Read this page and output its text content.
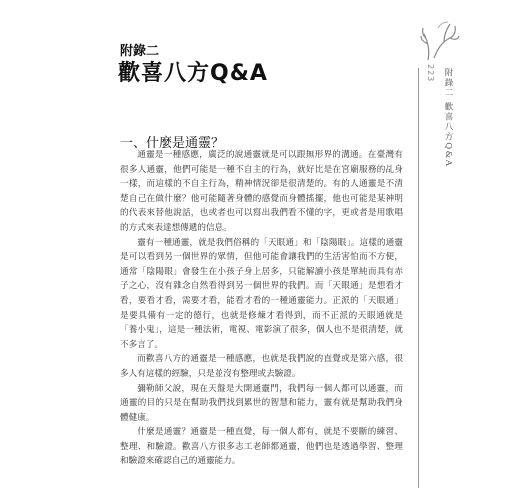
附錄二
歡喜八方Q&A	223 附錄二 歡喜八方Q&A
一、什麼是通靈？

通靈是一種感應，廣泛的說通靈就是可以跟無形界的溝通。在臺灣有很多人通靈，他們可能是一種不自主的行為，就好比是在宮廟服務的乩身一樣，而這樣的不自主行為，精神情況卻是很清楚的。有的人通靈是不清楚自己在做什麼？他可能隨著身體的感覺而身體搖擺，他也可能是某神明的代表來替他說話，也或者也可以寫出我們看不懂的字，更或者是用歌唱的方式來表達想傳遞的信息。

靈有一種通靈，就是我們俗稱的「天眼通」和「陰陽眼」。這樣的通靈是可以看到另一個世界的眾情，但他可能會讓我們的生活害怕而不方便，通常「陰陽眼」會發生在小孩子身上居多，只能解讀小孩是單純而具有赤子之心，沒有雜念自然看得到另一個世界的我們。而「天眼通」是想看才看，要看才看，需要才看，能看才看的一種通靈能力。正派的「天眼通」是要具備有一定的德行，也就是修煉才看得到，而不正派的天眼通就是「養小鬼」，這是一種法術，電視、電影演了很多，個人也不是很清楚，就不多言了。

而歡喜八方的通靈是一種感應，也就是我們說的直覺或是第六感，很多人有這樣的經驗，只是並沒有整理或去驗證。

彌勒師父說，現在天盤是大開通靈門，我們每一個人都可以通靈，而通靈的目的只是在幫助我們找到累世的智慧和能力，靈有就是幫助我們身體健康。

什麼是通靈？通靈是一種直覺，每一個人都有，就是不要斷的練習、整理、和驗證。歡喜八方很多志工老師都通靈，他們也是透過學習、整理和驗證來確認自己的通靈能力。
